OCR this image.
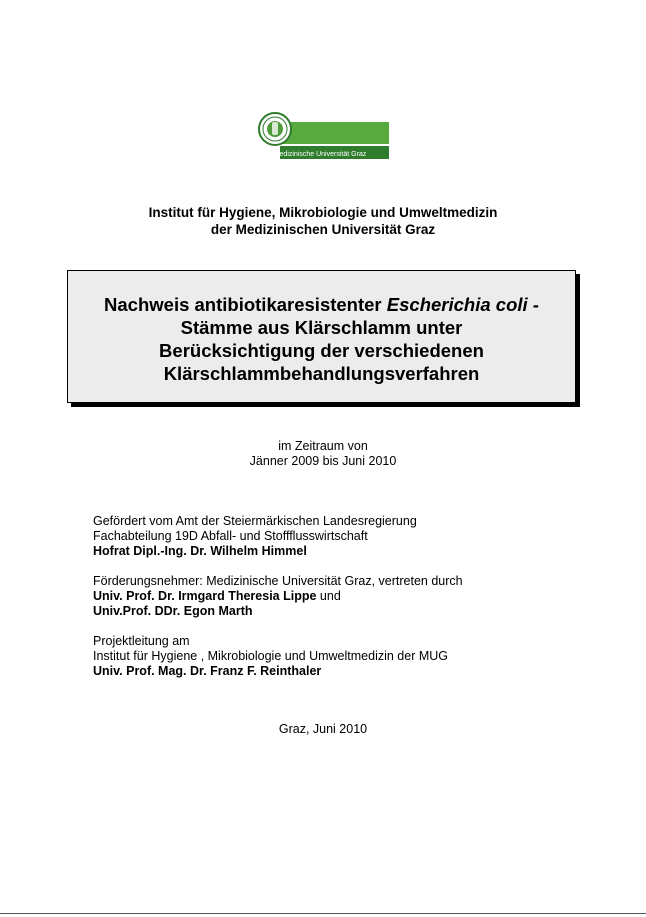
Medizinische Universität Graz
Institut für Hygiene, Mikrobiologie und Umweltmedizin
der Medizinischen Universität Graz
Nachweis antibiotikaresistenter Escherichia coli -
Stämme aus Klärschlamm unter
Berücksichtigung der verschiedenen
Klärschlammbehandlungsverfahren
im Zeitraum von
Jänner 2009 bis Juni 2010
Gefördert vom Amt der Steiermärkischen Landesregierung
Fachabteilung 19D Abfall- und Stoffflusswirtschaft
Hofrat Dipl.-Ing. Dr. Wilhelm Himmel
Förderungsnehmer: Medizinische Universität Graz, vertreten durch
Univ. Prof. Dr. Irmgard Theresia Lippe und
Univ.Prof. DDr. Egon Marth
Projektleitung am
Institut für Hygiene , Mikrobiologie und Umweltmedizin der MUG
Univ. Prof. Mag. Dr. Franz F. Reinthaler
Graz, Juni 2010
